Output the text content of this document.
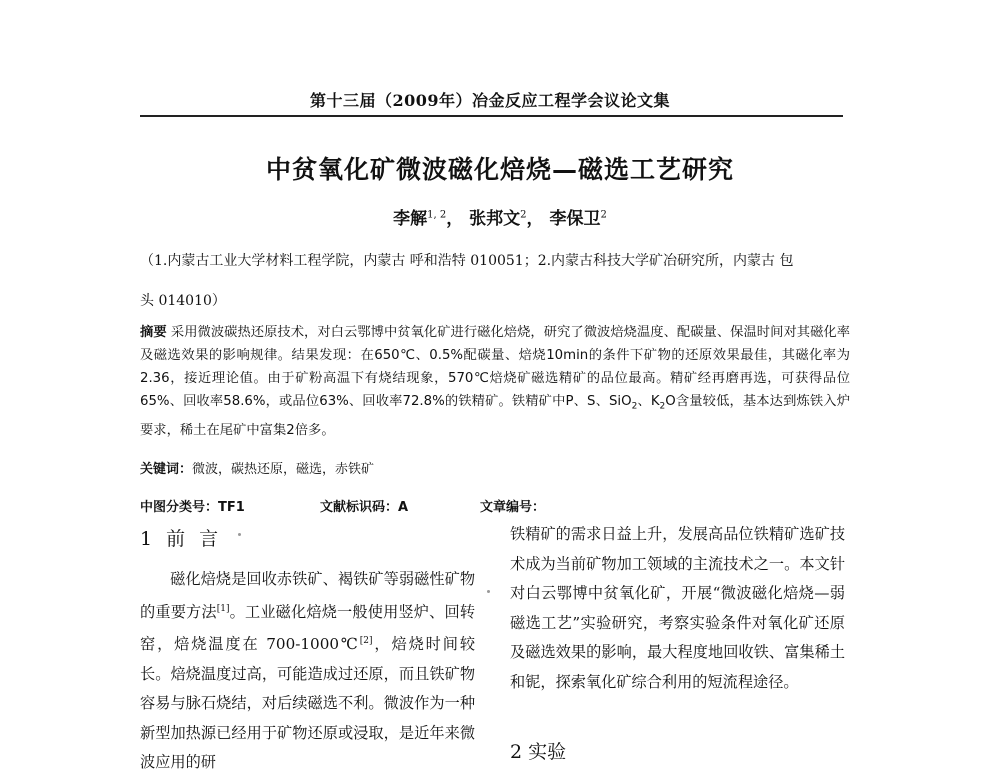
第十三届（2009年）冶金反应工程学会议论文集
中贫氧化矿微波磁化焙烧—磁选工艺研究
李解$^{1, 2}$， 张邦文$^2$， 李保卫$^2$
（1.内蒙古工业大学材料工程学院，内蒙古 呼和浩特 010051；2.内蒙古科技大学矿冶研究所，内蒙古 包
头 014010）
摘要 采用微波碳热还原技术，对白云鄂博中贫氧化矿进行磁化焙烧，研究了微波焙烧温度、配碳量、保温时间对其磁化率及磁选效果的影响规律。结果发现：在650℃、0.5%配碳量、焙烧10min的条件下矿物的还原效果最佳，其磁化率为2.36，接近理论值。由于矿粉高温下有烧结现象，570℃焙烧矿磁选精矿的品位最高。精矿经再磨再选，可获得品位65%、回收率58.6%，或品位63%、回收率72.8%的铁精矿。铁精矿中P、S、SiO$_2$、$K_2O$含量较低，基本达到炼铁入炉要求，稀土在尾矿中富集2倍多。
关键词：微波，碳热还原，磁选，赤铁矿
中图分类号：TF1	文献标识码：A	文章编号：
1 前 言
磁化焙烧是回收赤铁矿、褐铁矿等弱磁性矿物的重要方法[1]。工业磁化焙烧一般使用竖炉、回转窑，焙烧温度在 700-1000℃[2]，焙烧时间较长。焙烧温度过高，可能造成过还原，而且铁矿物容易与脉石烧结，对后续磁选不利。微波作为一种新型加热源已经用于矿物还原或浸取，是近年来微波应用的研
铁精矿的需求日益上升，发展高品位铁精矿选矿技术成为当前矿物加工领域的主流技术之一。本文针对白云鄂博中贫氧化矿，开展“微波磁化焙烧—弱磁选工艺”实验研究，考察实验条件对氧化矿还原及磁选效果的影响，最大程度地回收铁、富集稀土和铌，探索氧化矿综合利用的短流程途径。
2 实验
